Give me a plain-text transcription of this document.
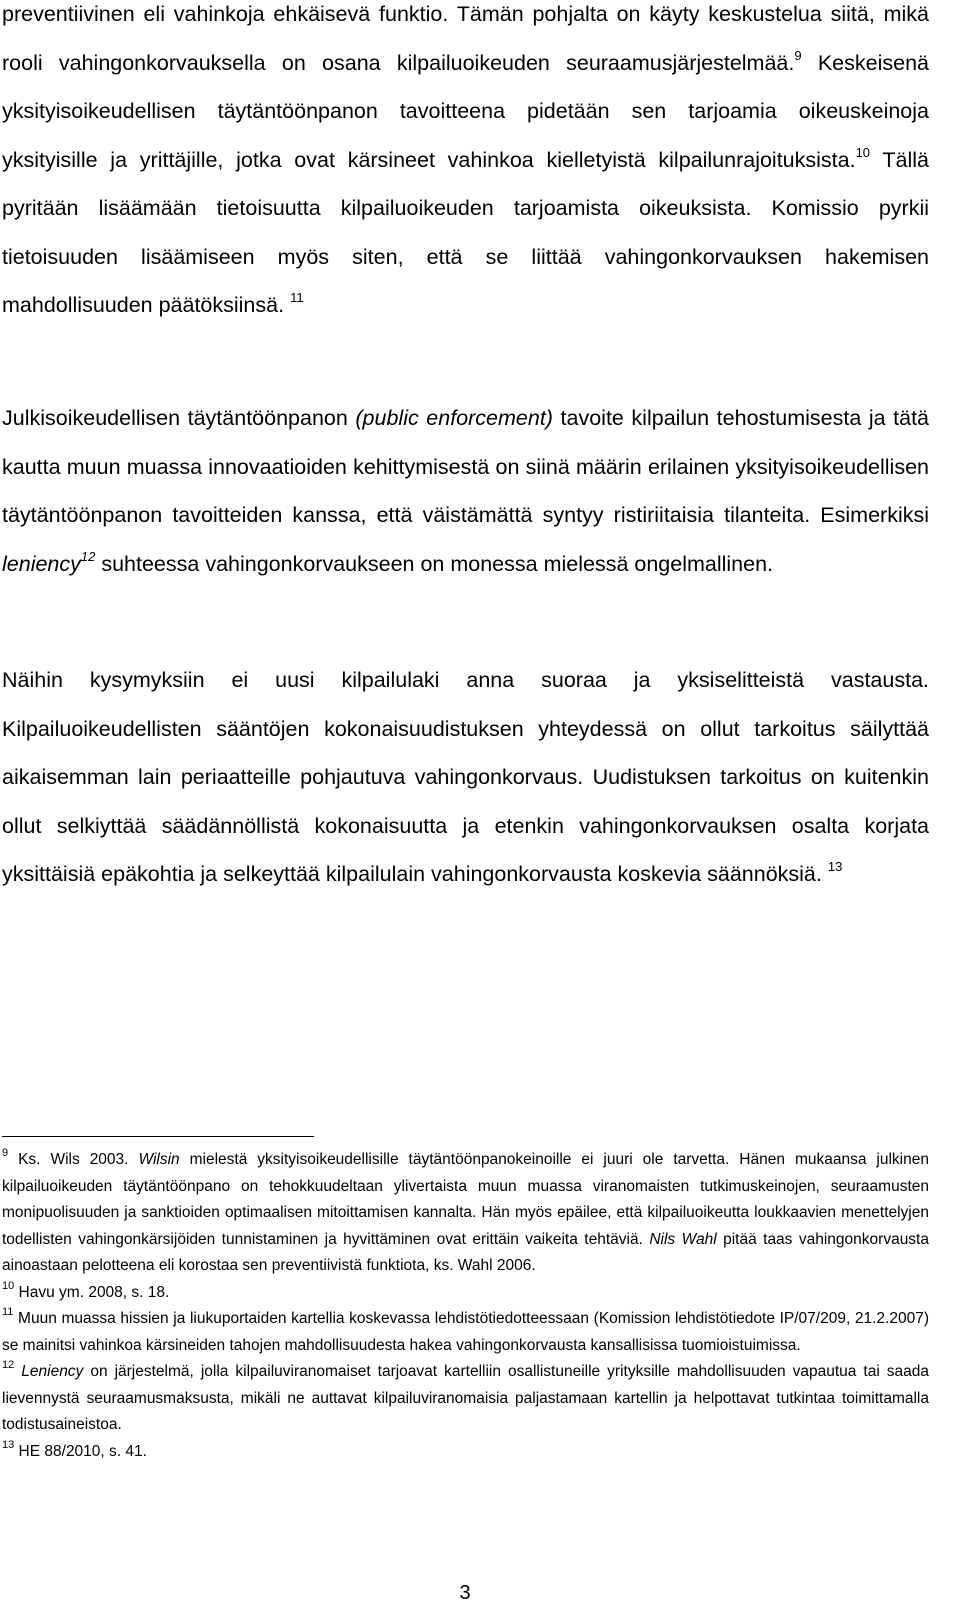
preventiivinen eli vahinkoja ehkäisevä funktio. Tämän pohjalta on käyty keskustelua siitä, mikä rooli vahingonkorvauksella on osana kilpailuoikeuden seuraamusjärjestelmää.$^9$ Keskeisenä yksityisoikeudellisen täytäntöönpanon tavoitteena pidetään sen tarjoamia oikeuskeinoja yksityisille ja yrittäjille, jotka ovat kärsineet vahinkoa kielletyistä kilpailunrajoituksista.$^{10}$ Tällä pyritään lisäämään tietoisuutta kilpailuoikeuden tarjoamista oikeuksista. Komissio pyrkii tietoisuuden lisäämiseen myös siten, että se liittää vahingonkorvauksen hakemisen mahdollisuuden päätöksiinsä. $^{11}$

Julkisoikeudellisen täytäntöönpanon (public enforcement) tavoite kilpailun tehostumisesta ja tätä kautta muun muassa innovaatioiden kehittymisestä on siinä määrin erilainen yksityisoikeudellisen täytäntöönpanon tavoitteiden kanssa, että väistämättä syntyy ristiriitaisia tilanteita. Esimerkiksi leniency$^{12}$ suhteessa vahingonkorvaukseen on monessa mielessä ongelmallinen.

Näihin kysymyksiin ei uusi kilpailulaki anna suoraa ja yksiselitteistä vastausta. Kilpailuoikeudellisten sääntöjen kokonaisuudistuksen yhteydessä on ollut tarkoitus säilyttää aikaisemman lain periaatteille pohjautuva vahingonkorvaus. Uudistuksen tarkoitus on kuitenkin ollut selkiyttää säädännöllistä kokonaisuutta ja etenkin vahingonkorvauksen osalta korjata yksittäisiä epäkohtia ja selkeyttää kilpailulain vahingonkorvausta koskevia säännöksiä. $^{13}$

$^9$ Ks. Wils 2003. Wilsin mielestä yksityisoikeudellisille täytäntöönpanokeinoille ei juuri ole tarvetta. Hänen mukaansa julkinen kilpailuoikeuden täytäntöönpano on tehokkuudeltaan ylivertaista muun muassa viranomaisten tutkimuskeinojen, seuraamusten monipuolisuuden ja sanktioiden optimaalisen mitoittamisen kannalta. Hän myös epäilee, että kilpailuoikeutta loukkaavien menettelyjen todellisten vahingonkärsijöiden tunnistaminen ja hyvittäminen ovat erittäin vaikeita tehtäviä. Nils Wahl pitää taas vahingonkorvausta ainoastaan pelotteena eli korostaa sen preventiivistä funktiota, ks. Wahl 2006.

$^{10}$ Havu ym. 2008, s. 18.

$^{11}$ Muun muassa hissien ja liukuportaiden kartellia koskevassa lehdistötiedotteessaan (Komission lehdistötiedote IP/07/209, 21.2.2007) se mainitsi vahinkoa kärsineiden tahojen mahdollisuudesta hakea vahingonkorvausta kansallisissa tuomioistuimissa.

$^{12}$ Leniency on järjestelmä, jolla kilpailuviranomaiset tarjoavat kartelliin osallistuneille yrityksille mahdollisuuden vapautua tai saada lievennystä seuraamusmaksusta, mikäli ne auttavat kilpailuviranomaisia paljastamaan kartellin ja helpottavat tutkintaa toimittamalla todistusaineistoa.

$^{13}$ HE 88/2010, s. 41.

3
